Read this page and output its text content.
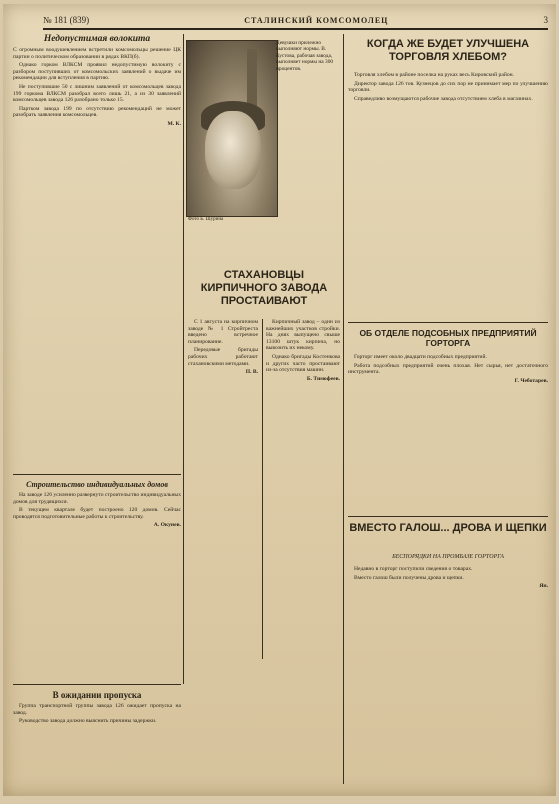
№ 181 (839)	СТАЛИНСКИЙ КОМСОМОЛЕЦ	3
Недопустимая волокита

С огромным воодушевлением встретили комсомольцы решение ЦК партии о политическом образовании в рядах ВКП(б).

Однако горком ВЛКСМ проявил недопустимую волокиту с разбором поступивших от комсомольских заявлений о выдаче им рекомендации для вступления в партию.

Не поступившие 50 с лишним заявлений от комсомольцев завода 199 горкома ВЛКСМ разобрал всего лишь 21, а из 30 заявлений комсомольцев завода 126 разобрано только 15.

Партком завода 199 по отсутствию рекомендаций не может разобрать заявления комсомольцев.

М. К.
Строительство индивидуальных домов

На заводе 126 усиленно развернуто строительство индивидуальных домов для трудящихся.

В текущем квартале будет построено 120 домов. Сейчас проводятся подготовительные работы к строительству.

А. Окунев.
Девушки прилежно выполняют нормы. В. Кустова, рабочая завода, выполняет нормы на 300 процентов.
Фото Б. Шурина
СТАХАНОВЦЫ КИРПИЧНОГО ЗАВОДА ПРОСТАИВАЮТ

С 1 августа на кирпичном заводе № 1 Стройтреста введено встречное планирование.

Передовые бригады рабочих работают стахановскими методами.

П. В.

Кирпичный завод – один из важнейших участков стройки. На днях выпущено свыше 13100 штук кирпича, но вывозить их некому.

Однако бригады Костенкова и других часто простаивают из-за отсутствия машин.

Б. Тимофеев.
КОГДА ЖЕ БУДЕТ УЛУЧШЕНА ТОРГОВЛЯ ХЛЕБОМ?

Торговля хлебом в районе поселка на руках весь Кировский район.

Директор завода 126 тов. Кузнецов до сих пор не принимает мер по улучшению торговли.

Справедливо возмущаются рабочие завода отсутствием хлеба в магазинах.

ОБ ОТДЕЛЕ ПОДСОБНЫХ ПРЕДПРИЯТИЙ ГОРТОРГА

Горторг имеет около двадцати подсобных предприятий.

Работа подсобных предприятий очень плохая. Нет сырья, нет достаточного инструмента.

Г. Чеботарев.
ВМЕСТО ГАЛОШ... ДРОВА И ЩЕПКИ
БЕСПОРЯДКИ НА ПРОМБАЗЕ ГОРТОРГА

Недавно в горторг поступили сведения о товарах.

Вместо галош были получены дрова и щепки.

Ян.
В ожидании пропуска

Группа транспортной группы завода 126 ожидает пропуска на завод.

Руководство завода должно выяснить причины задержки.
